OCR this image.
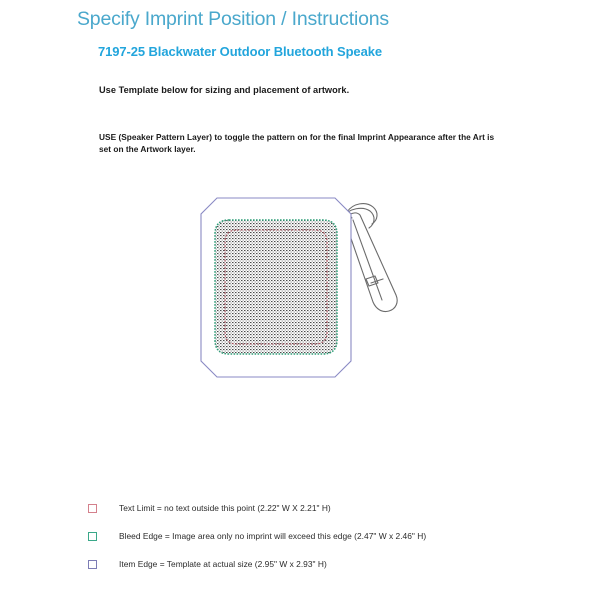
Specify Imprint Position / Instructions
7197-25 Blackwater Outdoor Bluetooth Speake
Use Template below for sizing and placement of artwork.
USE (Speaker Pattern Layer) to toggle the pattern on for the final Imprint Appearance after the Art is set on the Artwork layer.
Text Limit = no text outside this point (2.22" W X 2.21" H)
Bleed Edge = Image area only no imprint will exceed this edge (2.47" W x 2.46" H)
Item Edge = Template at actual size (2.95" W x 2.93" H)
